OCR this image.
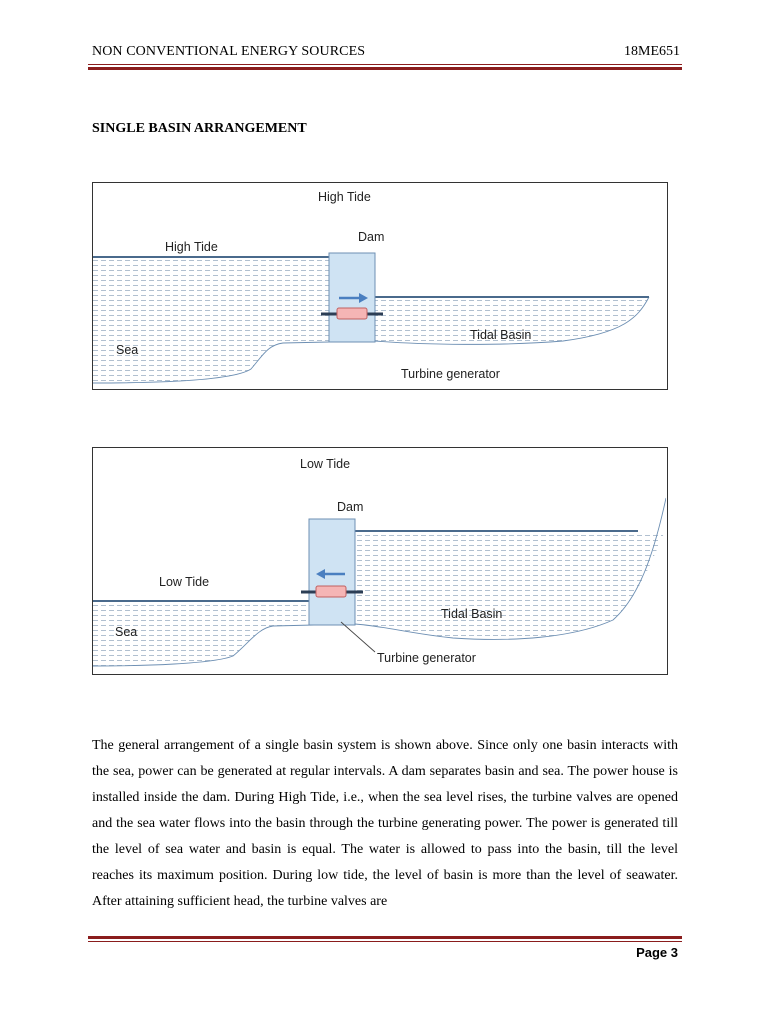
NON CONVENTIONAL ENERGY SOURCES	18ME651
SINGLE BASIN ARRANGEMENT
High Tide
High Tide
Dam
Tidal Basin
Sea
Turbine generator
Low Tide
Low Tide
Dam
Tidal Basin
Sea
Turbine generator
The general arrangement of a single basin system is shown above. Since only one basin interacts with the sea, power can be generated at regular intervals. A dam separates basin and sea. The power house is installed inside the dam. During High Tide, i.e., when the sea level rises, the turbine valves are opened and the sea water flows into the basin through the turbine generating power. The power is generated till the level of sea water and basin is equal. The water is allowed to pass into the basin, till the level reaches its maximum position. During low tide, the level of basin is more than the level of seawater. After attaining sufficient head, the turbine valves are
Page 3
